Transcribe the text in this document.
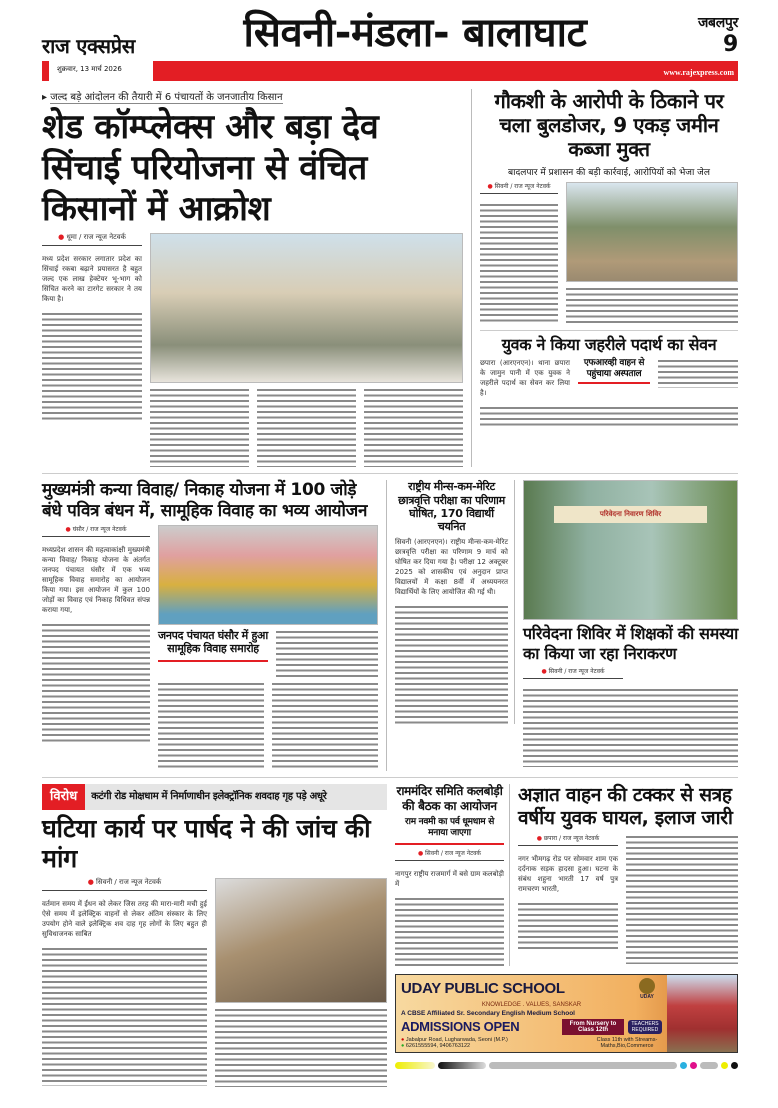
राज एक्सप्रेस	सिवनी-मंडला- बालाघाट	जबलपुर
9
शुक्रवार, 13 मार्च 2026	www.rajexpress.com
▸ जल्द बड़े आंदोलन की तैयारी में 6 पंचायतों के जनजातीय किसान
शेड कॉम्प्लेक्स और बड़ा देव सिंचाई परियोजना से वंचित किसानों में आक्रोश
● धूमा / राज न्यूज नेटवर्क
मध्य प्रदेश सरकार लगातार प्रदेश का सिंचाई रकबा बढ़ाने प्रयासरत है बहुत जल्द एक लाख हेक्टेयर भू-भाग को सिंचित करने का टारगेट सरकार ने तय किया है।
गौकशी के आरोपी के ठिकाने पर चला बुलडोजर, 9 एकड़ जमीन कब्जा मुक्त
बादलपार में प्रशासन की बड़ी कार्रवाई, आरोपियों को भेजा जेल
● सिवनी / राज न्यूज नेटवर्क
युवक ने किया जहरीले पदार्थ का सेवन
छपारा (आरएनएन)। थाना छपारा के जामुन पानी में एक युवक ने जहरीले पदार्थ का सेवन कर लिया है।
एफआरव्ही वाहन से पहुंचाया अस्पताल
मुख्यमंत्री कन्या विवाह/ निकाह योजना में 100 जोड़े बंधे पवित्र बंधन में, सामूहिक विवाह का भव्य आयोजन
● घंसौर / राज न्यूज नेटवर्क
मध्यप्रदेश शासन की महत्वाकांक्षी मुख्यमंत्री कन्या विवाह/ निकाह योजना के अंतर्गत जनपद पंचायत घंसौर में एक भव्य सामूहिक विवाह समारोह का आयोजन किया गया। इस आयोजन में कुल 100 जोड़ों का विवाह एवं निकाह विधिवत संपन्न कराया गया,
जनपद पंचायत घंसौर में हुआ सामूहिक विवाह समारोह
राष्ट्रीय मीन्स-कम-मेरिट छात्रवृत्ति परीक्षा का परिणाम घोषित, 170 विद्यार्थी चयनित
सिवनी (आरएनएन)। राष्ट्रीय मीन्स-कम-मेरिट छात्रवृत्ति परीक्षा का परिणाम 9 मार्च को घोषित कर दिया गया है। परीक्षा 12 अक्टूबर 2025 को शासकीय एवं अनुदान प्राप्त विद्यालयों में कक्षा 8वीं में अध्ययनरत विद्यार्थियों के लिए आयोजित की गई थी।
परिवेदना निवारण शिविर
परिवेदना शिविर में शिक्षकों की समस्या का किया जा रहा निराकरण
● सिवनी / राज न्यूज नेटवर्क
विरोध	कटंगी रोड मोक्षधाम में निर्माणाधीन इलेक्ट्रॉनिक शवदाह गृह पड़े अधूरे
घटिया कार्य पर पार्षद ने की जांच की मांग
● सिवनी / राज न्यूज नेटवर्क
वर्तमान समय में ईंधन को लेकर जिस तरह की मारा-मारी मची हुई ऐसे समय में इलेक्ट्रिक वाहनों से लेकर अंतिम संस्कार के लिए उपयोग होने वाले इलेक्ट्रिक शव दाह गृह लोगों के लिए बहुत ही सुविधाजनक साबित
राममंदिर समिति कलबोड़ी की बैठक का आयोजन
राम नवमी का पर्व धूमधाम से मनाया जाएगा
● सिवनी / राज न्यूज नेटवर्क
नागपुर राष्ट्रीय राजमार्ग में बसे ग्राम कलबोड़ी में
अज्ञात वाहन की टक्कर से सत्रह वर्षीय युवक घायल, इलाज जारी
● छपारा / राज न्यूज नेटवर्क
नगर भीमगढ़ रोड पर सोमवार शाम एक दर्दनाक सड़क हादसा हुआ। घटना के संबंध शहुना भारती 17 वर्ष पुत्र रामचरण भारती,
UDAY PUBLIC SCHOOL	UDAY
KNOWLEDGE . VALUES, SANSKAR
A CBSE Affiliated Sr. Secondary English Medium School
ADMISSIONS OPEN	From Nursery to Class 12th
TEACHERS REQUIRED
● Jabalpur Road, Lugharwada, Seoni (M.P.)
● 6261555594, 9406763122
Class 11th with Streams- Maths,Bio,Commerce
